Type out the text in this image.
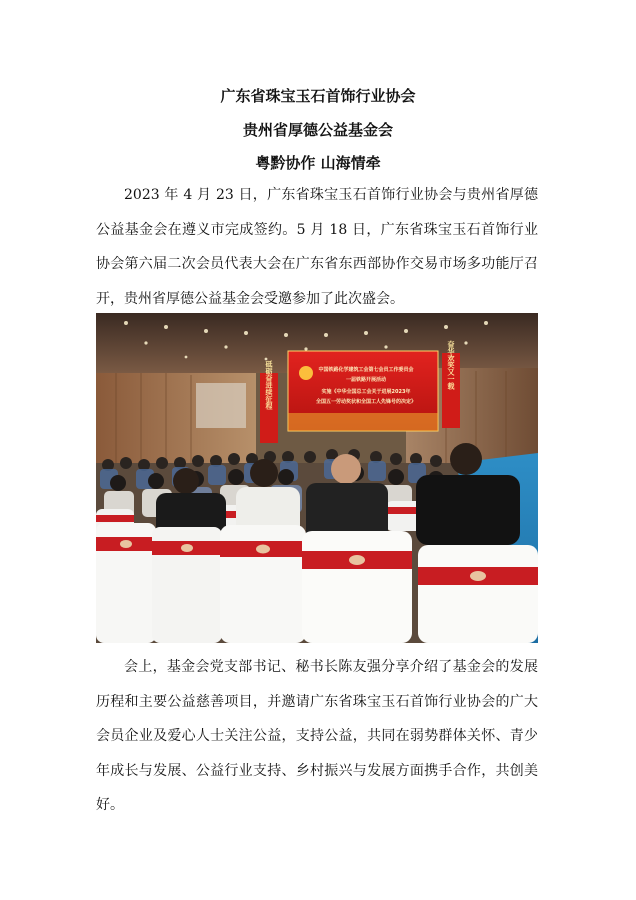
广东省珠宝玉石首饰行业协会
贵州省厚德公益基金会
粤黔协作 山海情牵

2023 年 4 月 23 日，广东省珠宝玉石首饰行业协会与贵州省厚德公益基金会在遵义市完成签约。5 月 18 日，广东省珠宝玉石首饰行业协会第六届二次会员代表大会在广东省东西部协作交易市场多功能厅召开，贵州省厚德公益基金会受邀参加了此次盛会。

砥砺奋进续征程	中国铁路化学建筑工会第七会员工作委员会
一届铁路开展活动
实施《中华全国总工会关于进展2023年
全国五一劳动奖状和全国工人先锋号的决定》
奋华欢笑又一载

会上，基金会党支部书记、秘书长陈友强分享介绍了基金会的发展历程和主要公益慈善项目，并邀请广东省珠宝玉石首饰行业协会的广大会员企业及爱心人士关注公益，支持公益，共同在弱势群体关怀、青少年成长与发展、公益行业支持、乡村振兴与发展方面携手合作，共创美好。
